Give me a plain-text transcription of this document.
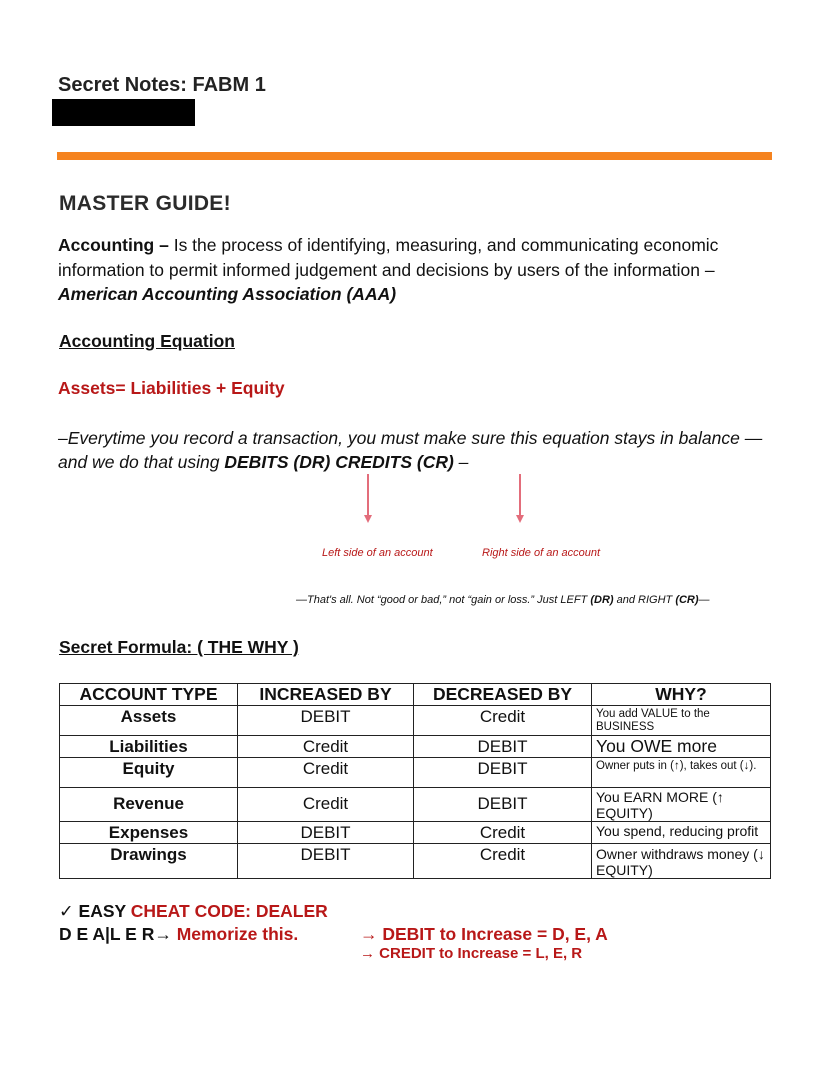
Secret Notes: FABM 1
MASTER GUIDE!
Accounting – Is the process of identifying, measuring, and communicating economic information to permit informed judgement and decisions by users of the information – American Accounting Association (AAA)
Accounting Equation
Assets= Liabilities + Equity
–Everytime you record a transaction, you must make sure this equation stays in balance — and we do that using DEBITS (DR) CREDITS (CR) –
Left side of an account	Right side of an account
—That's all. Not “good or bad,” not “gain or loss.” Just LEFT (DR) and RIGHT (CR)—
Secret Formula: ( THE WHY )
ACCOUNT TYPE	INCREASED BY	DECREASED BY	WHY?
Assets	DEBIT	Credit	You add VALUE to the BUSINESS
Liabilities	Credit	DEBIT	You OWE more
Equity	Credit	DEBIT	Owner puts in (↑), takes out (↓).
Revenue	Credit	DEBIT	You EARN MORE (↑ EQUITY)
Expenses	DEBIT	Credit	You spend, reducing profit
Drawings	DEBIT	Credit	Owner withdraws money (↓ EQUITY)
✓ EASY CHEAT CODE: DEALER
D E A|L E R→ Memorize this.	→ DEBIT to Increase = D, E, A
→ CREDIT to Increase = L, E, R
